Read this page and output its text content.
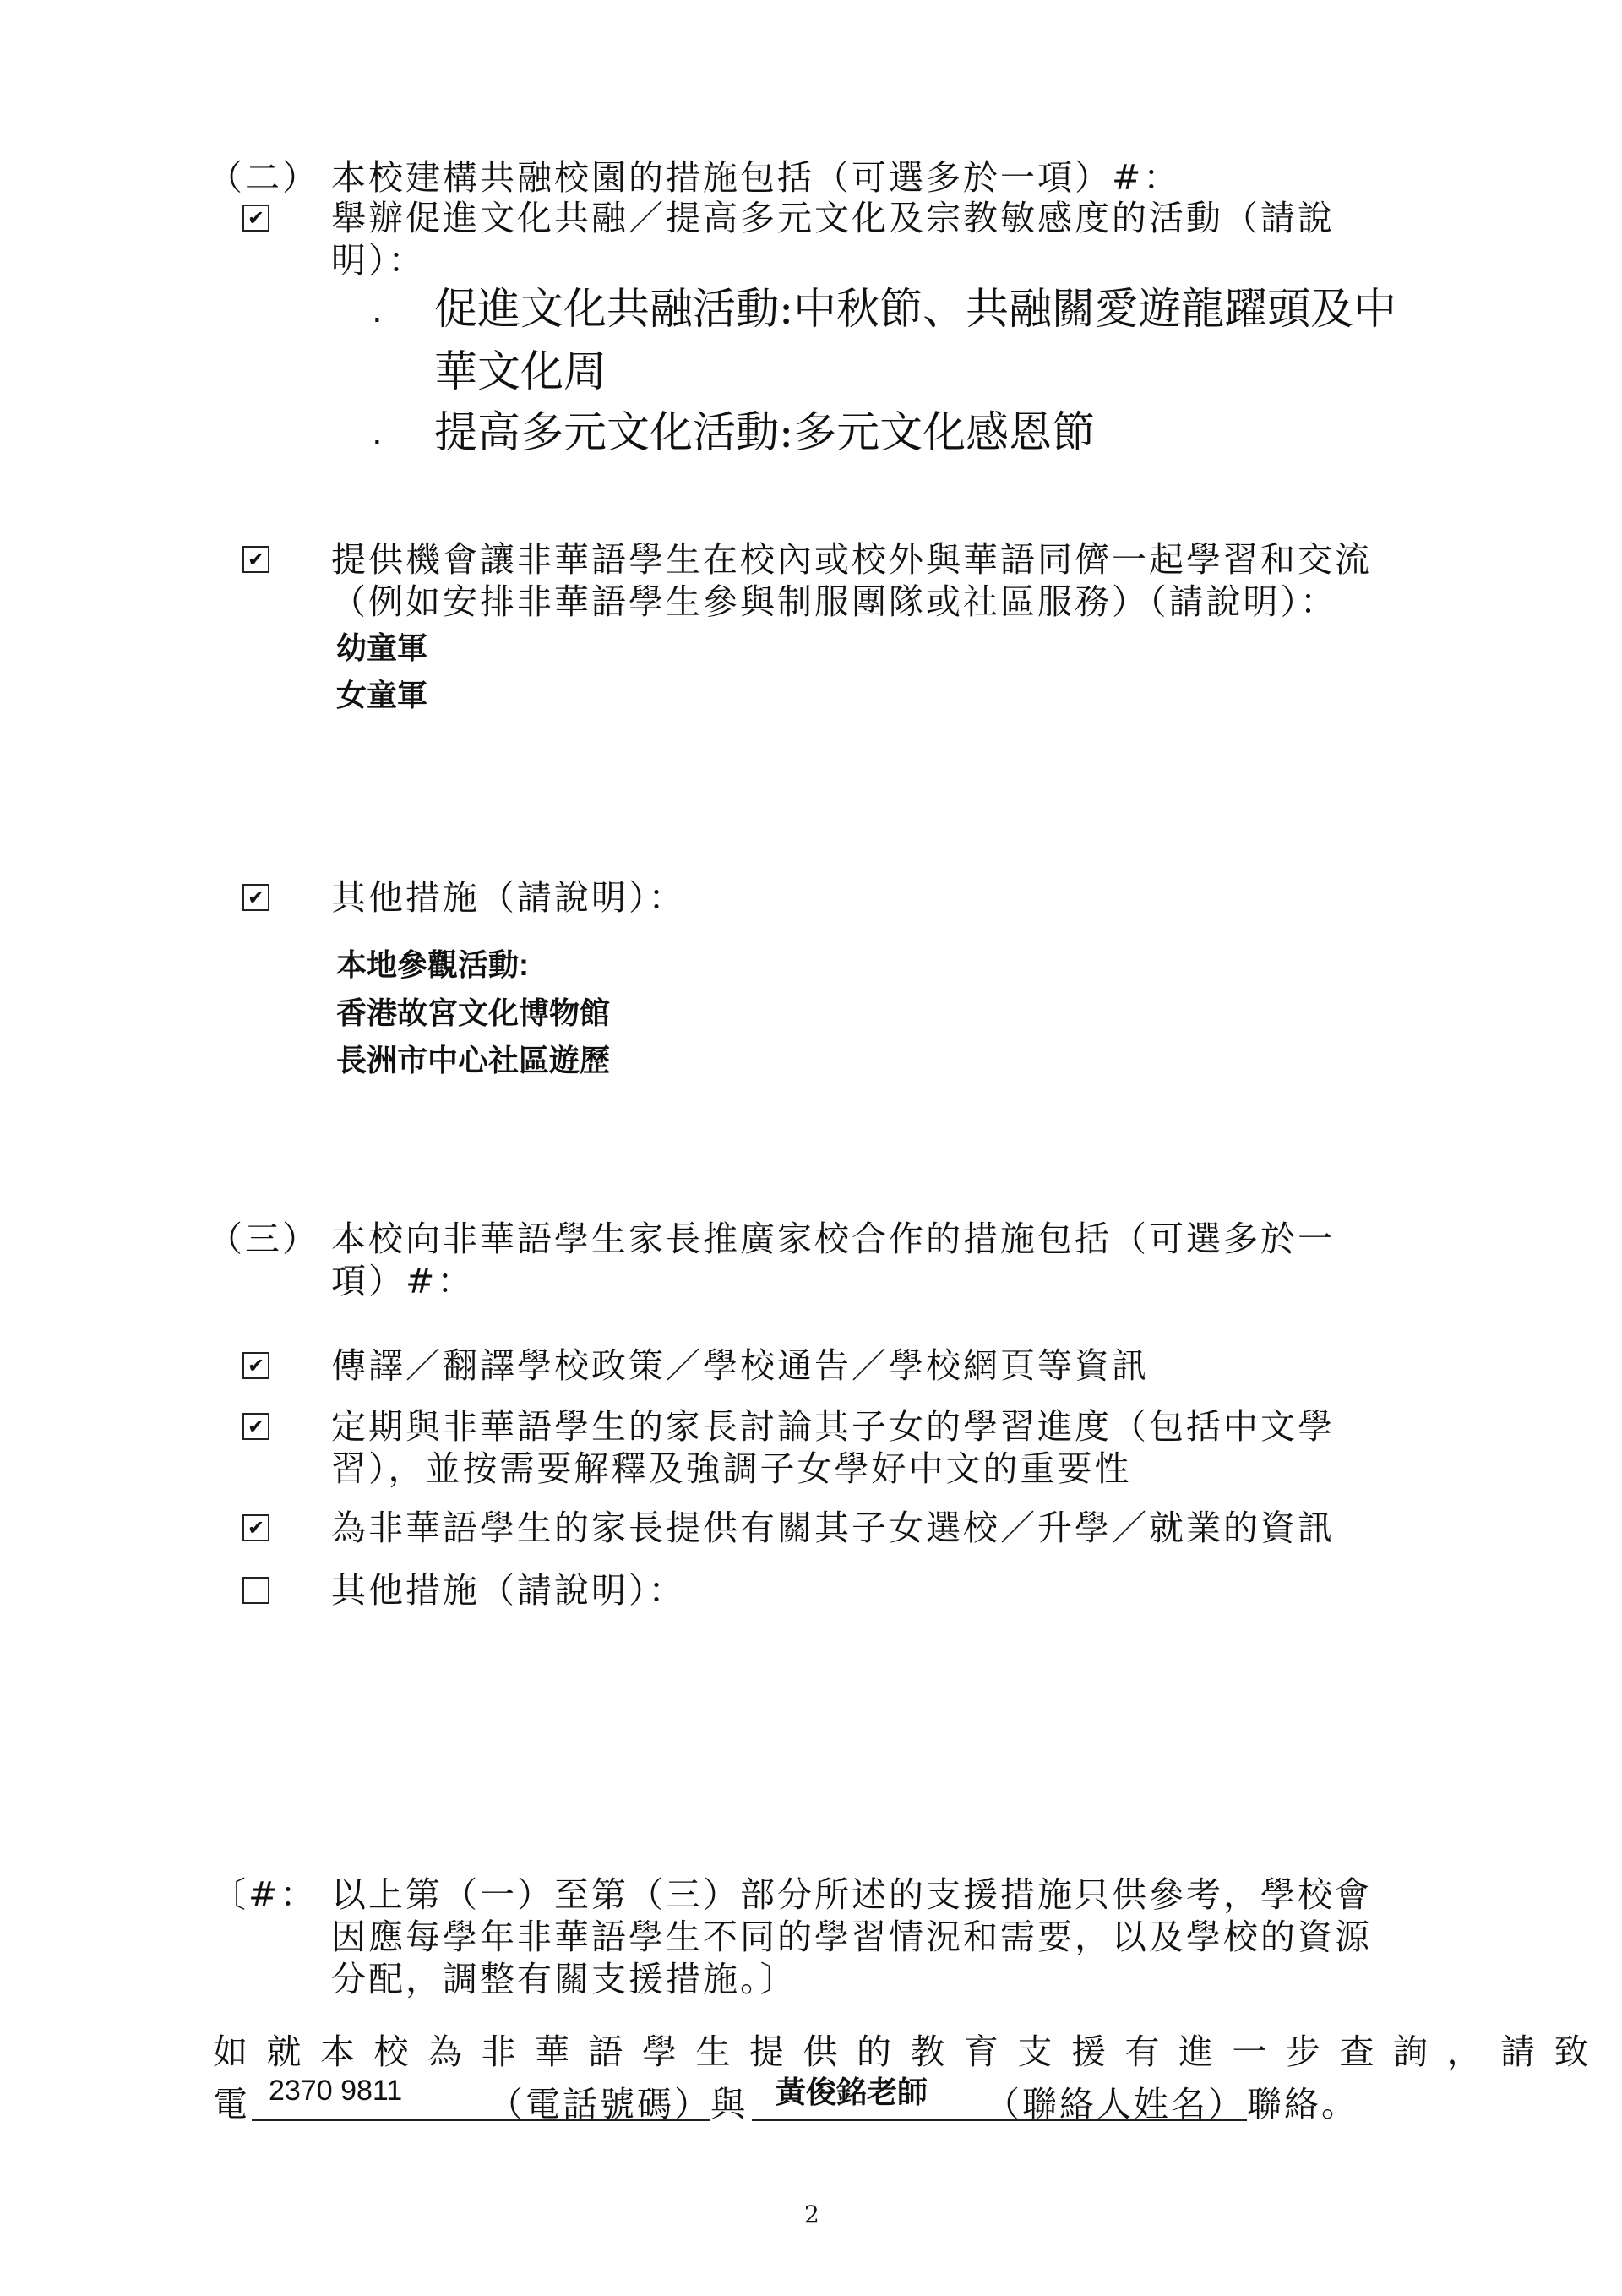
（二） 本校建構共融校園的措施包括（可選多於一項）#：
✔ 舉辦促進文化共融／提高多元文化及宗教敏感度的活動（請說
明）：
. 促進文化共融活動:中秋節、共融關愛遊龍躍頭及中
華文化周
. 提高多元文化活動:多元文化感恩節
✔ 提供機會讓非華語學生在校內或校外與華語同儕一起學習和交流
（例如安排非華語學生參與制服團隊或社區服務）（請說明）：
幼童軍
女童軍
✔ 其他措施（請說明）：
本地參觀活動:
香港故宮文化博物館
長洲市中心社區遊歷
（三） 本校向非華語學生家長推廣家校合作的措施包括（可選多於一
項）#：
✔ 傳譯／翻譯學校政策／學校通告／學校網頁等資訊
✔ 定期與非華語學生的家長討論其子女的學習進度（包括中文學
習），並按需要解釋及強調子女學好中文的重要性
✔ 為非華語學生的家長提供有關其子女選校／升學／就業的資訊
其他措施（請說明）：
〔#： 以上第（一）至第（三）部分所述的支援措施只供參考，學校會
因應每學年非華語學生不同的學習情況和需要，以及學校的資源
分配，調整有關支援措施。〕
如就本校為非華語學生提供的教育支援有進一步查詢，請致
電 2370 9811 （電話號碼） 與 黃俊銘老師 （聯絡人姓名） 聯絡。
2
